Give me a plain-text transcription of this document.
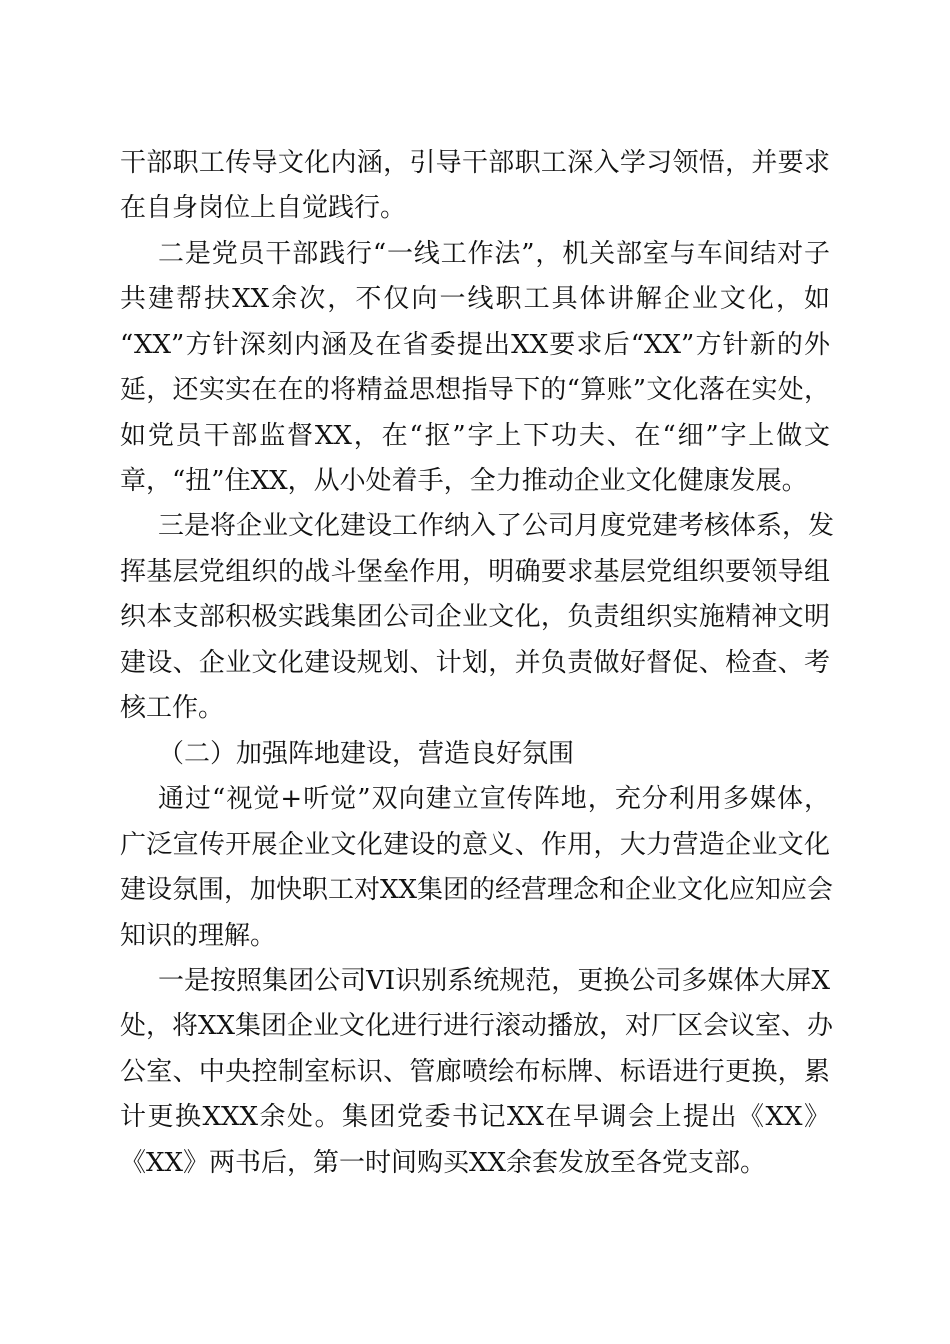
干部职工传导文化内涵，引导干部职工深入学习领悟，并要求
在自身岗位上自觉践行。
二是党员干部践行“一线工作法”，机关部室与车间结对子
共建帮扶XX余次，不仅向一线职工具体讲解企业文化，如
“XX”方针深刻内涵及在省委提出XX要求后“XX”方针新的外
延，还实实在在的将精益思想指导下的“算账”文化落在实处，
如党员干部监督XX，在“抠”字上下功夫、在“细”字上做文
章，“扭”住XX，从小处着手，全力推动企业文化健康发展。
三是将企业文化建设工作纳入了公司月度党建考核体系，发
挥基层党组织的战斗堡垒作用，明确要求基层党组织要领导组
织本支部积极实践集团公司企业文化，负责组织实施精神文明
建设、企业文化建设规划、计划，并负责做好督促、检查、考
核工作。
（二）加强阵地建设，营造良好氛围
通过“视觉+听觉”双向建立宣传阵地，充分利用多媒体，
广泛宣传开展企业文化建设的意义、作用，大力营造企业文化
建设氛围，加快职工对XX集团的经营理念和企业文化应知应会
知识的理解。
一是按照集团公司VI识别系统规范，更换公司多媒体大屏X
处，将XX集团企业文化进行进行滚动播放，对厂区会议室、办
公室、中央控制室标识、管廊喷绘布标牌、标语进行更换，累
计更换XXX余处。集团党委书记XX在早调会上提出《XX》
《XX》两书后，第一时间购买XX余套发放至各党支部。
